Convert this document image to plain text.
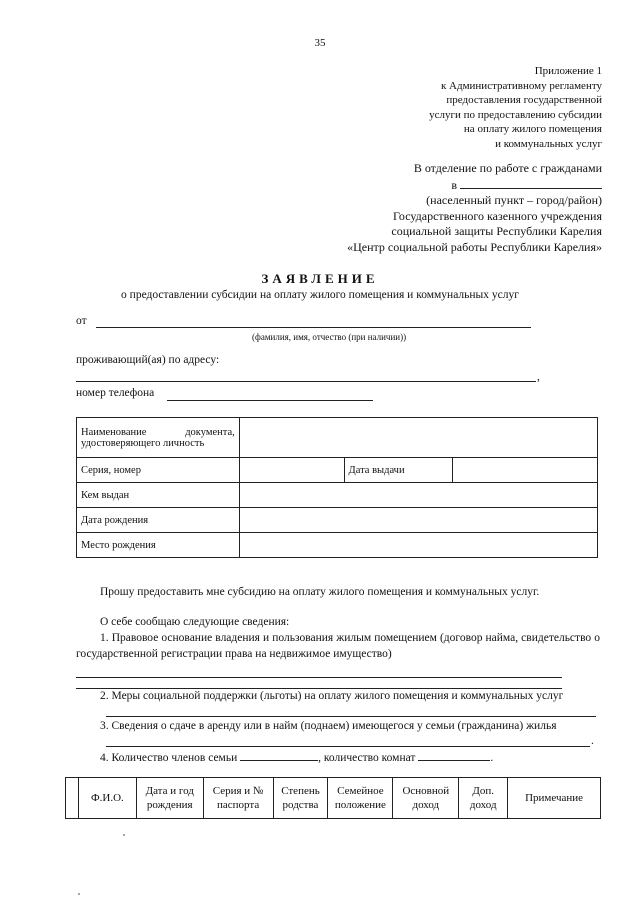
35
Приложение 1
к Административному регламенту
предоставления государственной
услуги по предоставлению субсидии
на оплату жилого помещения
и коммунальных услуг
В отделение по работе с гражданами
в
(населенный пункт – город/район)
Государственного казенного учреждения
социальной защиты Республики Карелия
«Центр социальной работы Республики Карелия»
ЗАЯВЛЕНИЕ
о предоставлении субсидии на оплату жилого помещения и коммунальных услуг
от
(фамилия, имя, отчество (при наличии))
проживающий(ая) по адресу:
,
номер телефона
Наименование документа, удостоверяющего личность			
Серия, номер		Дата выдачи	
Кем выдан			
Дата рождения			
Место рождения			
Прошу предоставить мне субсидию на оплату жилого помещения и коммунальных услуг.
О себе сообщаю следующие сведения:
1. Правовое основание владения и пользования жилым помещением (договор найма, свидетельство о государственной регистрации права на недвижимое имущество)
2. Меры социальной поддержки (льготы) на оплату жилого помещения и коммунальных услуг
3. Сведения о сдаче в аренду или в найм (поднаем) имеющегося у семьи (гражданина) жилья
.
4. Количество членов семьи	, количество комнат	.
	Ф.И.О.	Дата и год рождения	Серия и № паспорта	Степень родства	Семейное положение	Основной доход	Доп. доход	Примечание
